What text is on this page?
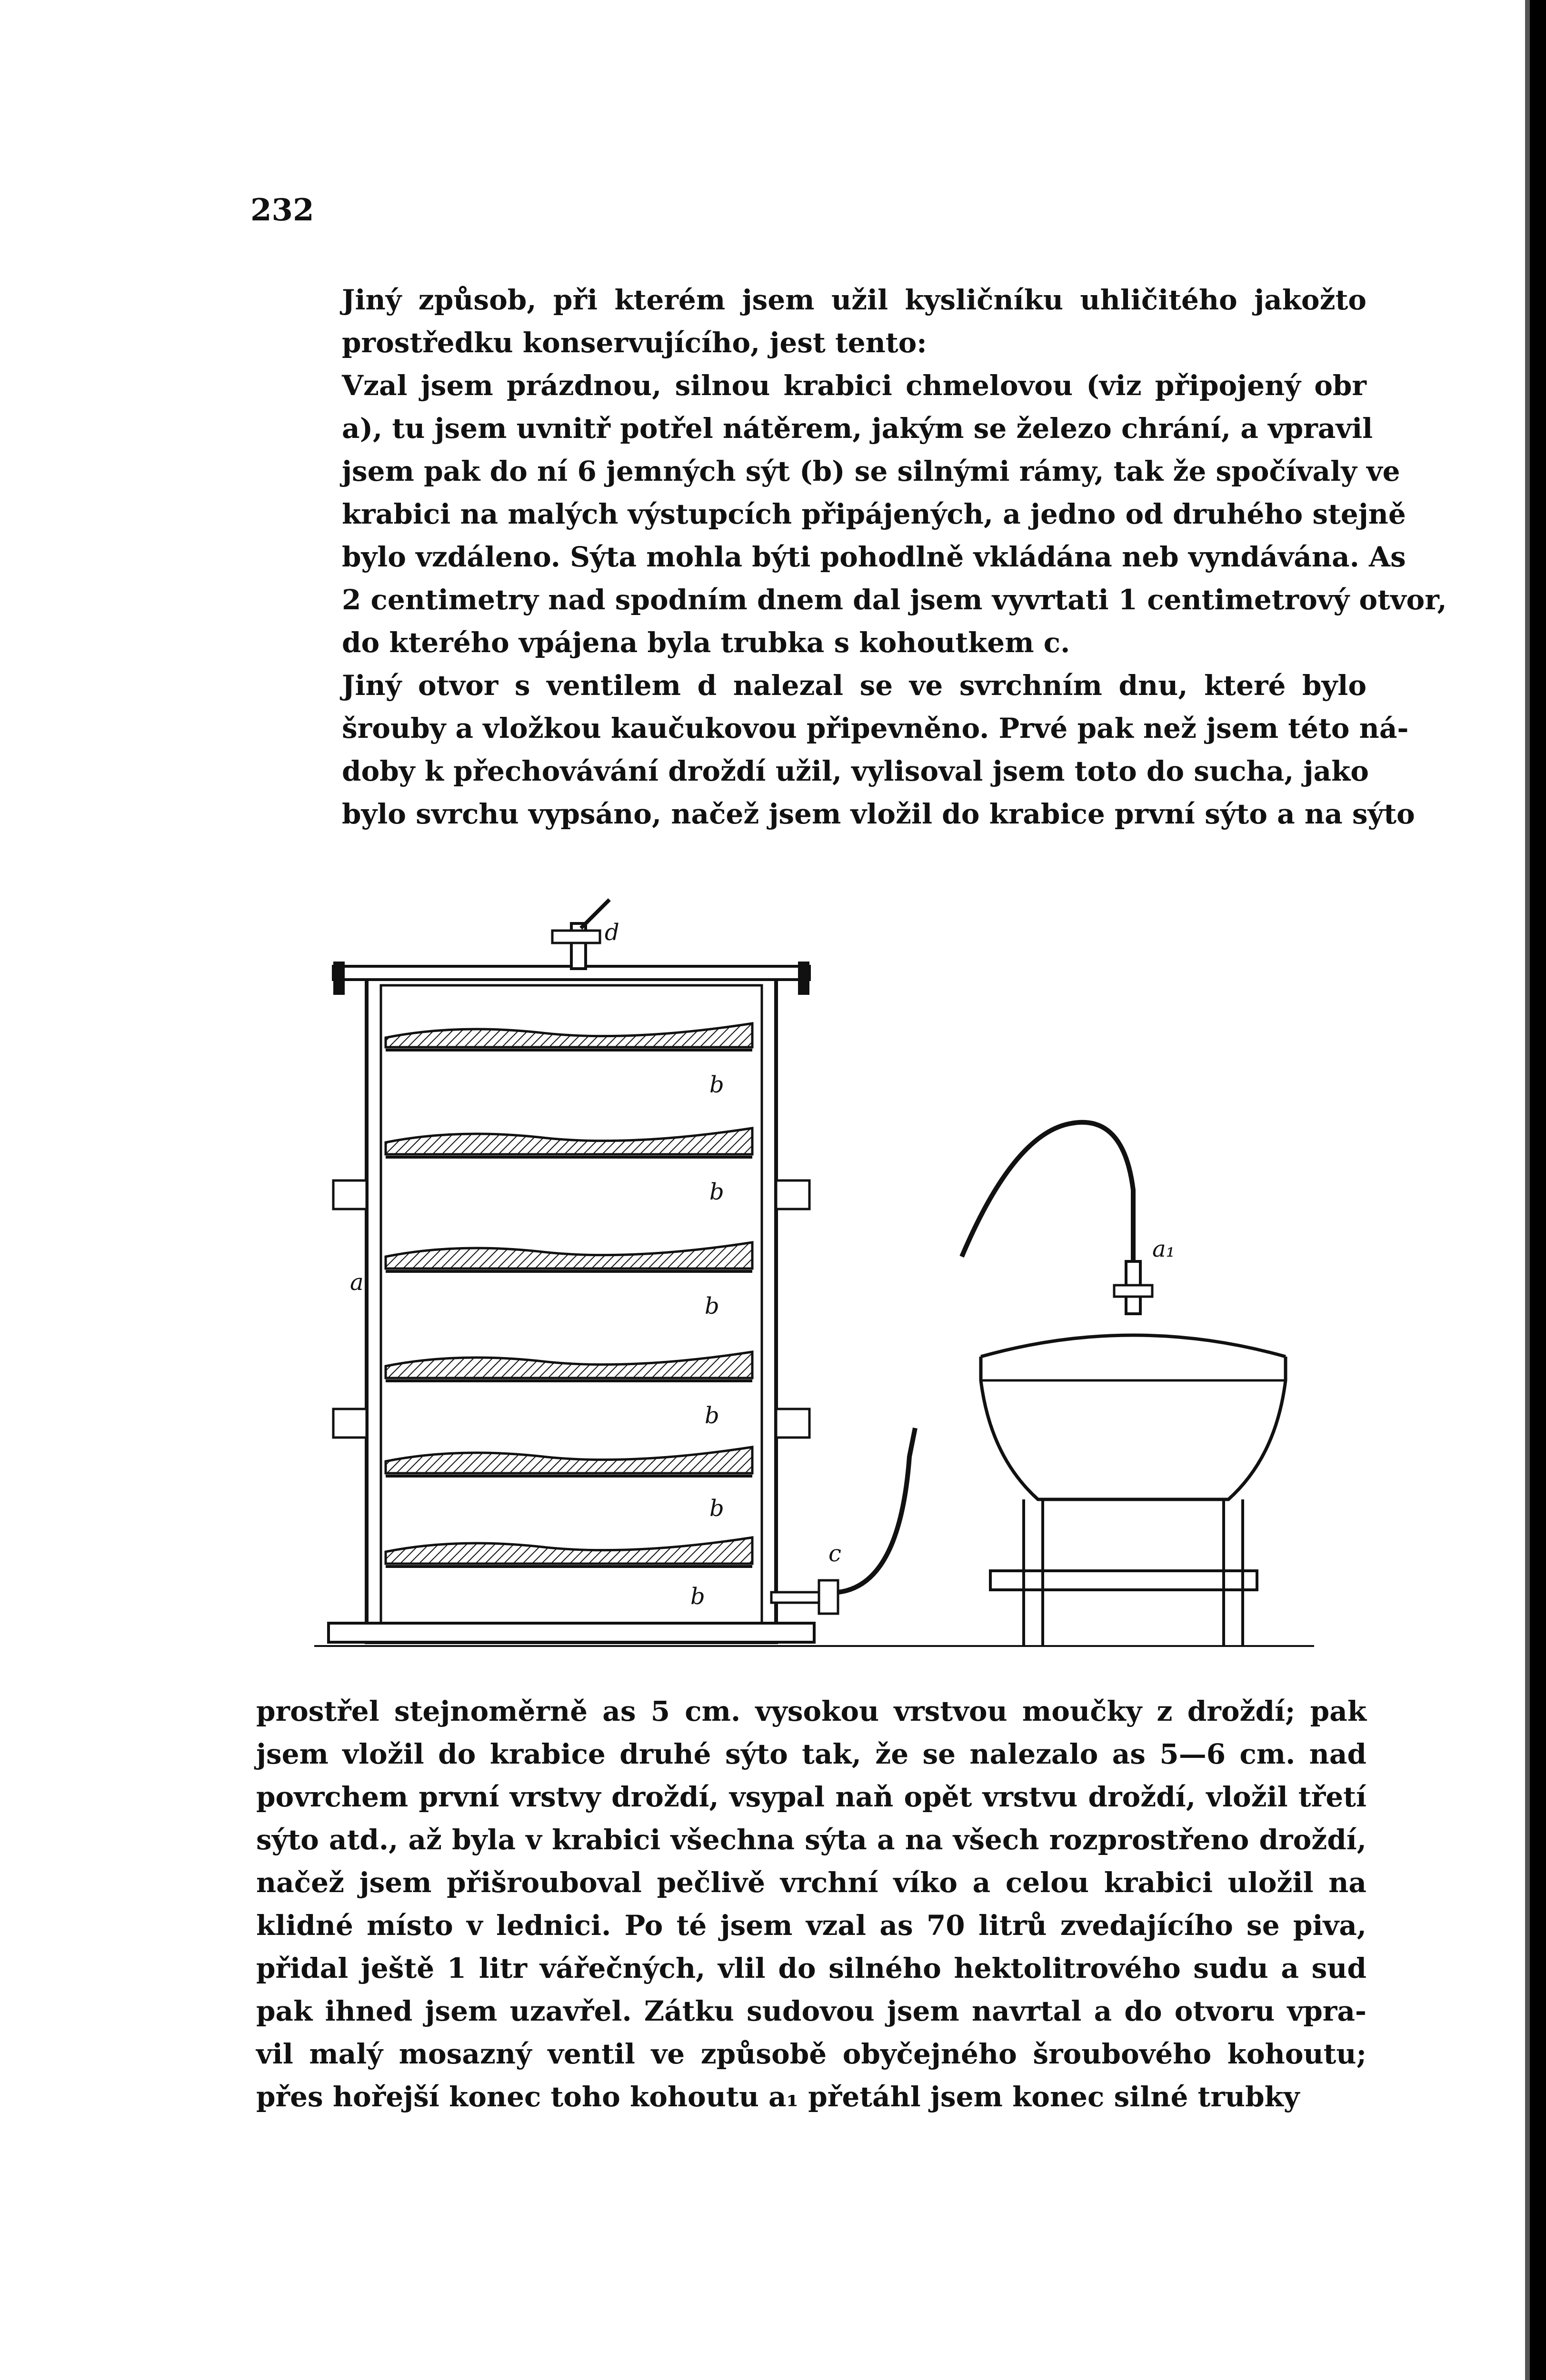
232

Jiný způsob, při kterém jsem užil kysličníku uhličitého jakožto
prostředku konservujícího, jest tento:

Vzal jsem prázdnou, silnou krabici chmelovou (viz připojený obr
a), tu jsem uvnitř potřel nátěrem, jakým se železo chrání, a vpravil
jsem pak do ní 6 jemných sýt (b) se silnými rámy, tak že spočívaly ve
krabici na malých výstupcích připájených, a jedno od druhého stejně
bylo vzdáleno. Sýta mohla býti pohodlně vkládána neb vyndávána. As
2 centimetry nad spodním dnem dal jsem vyvrtati 1 centimetrový otvor,
do kterého vpájena byla trubka s kohoutkem c.

Jiný otvor s ventilem d nalezal se ve svrchním dnu, které bylo
šrouby a vložkou kaučukovou připevněno. Prvé pak než jsem této ná-
doby k přechovávání droždí užil, vylisoval jsem toto do sucha, jako
bylo svrchu vypsáno, načež jsem vložil do krabice první sýto a na sýto

d
b
b
b
b
b
b
a
c
a₁

prostřel stejnoměrně as 5 cm. vysokou vrstvou moučky z droždí; pak
jsem vložil do krabice druhé sýto tak, že se nalezalo as 5—6 cm. nad
povrchem první vrstvy droždí, vsypal naň opět vrstvu droždí, vložil třetí
sýto atd., až byla v krabici všechna sýta a na všech rozprostřeno droždí,
načež jsem přišrouboval pečlivě vrchní víko a celou krabici uložil na
klidné místo v lednici. Po té jsem vzal as 70 litrů zvedajícího se piva,
přidal ještě 1 litr vářečných, vlil do silného hektolitrového sudu a sud
pak ihned jsem uzavřel. Zátku sudovou jsem navrtal a do otvoru vpra-
vil malý mosazný ventil ve způsobě obyčejného šroubového kohoutu;
přes hořejší konec toho kohoutu a₁ přetáhl jsem konec silné trubky
